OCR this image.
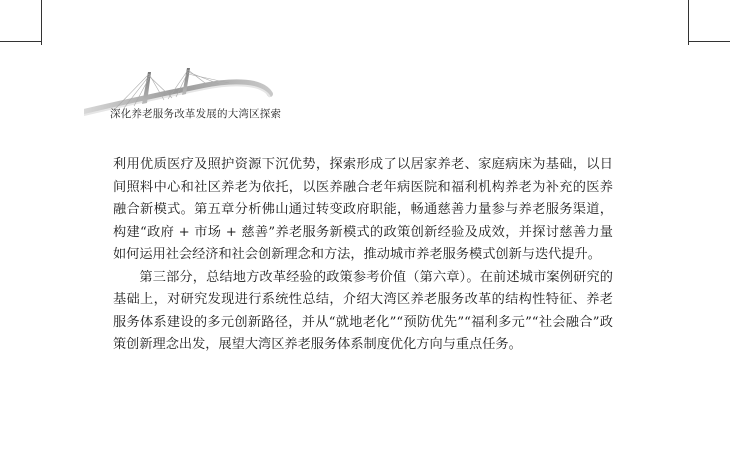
深化养老服务改革发展的大湾区探索

利用优质医疗及照护资源下沉优势，探索形成了以居家养老、家庭病床为基础，以日间照料中心和社区养老为依托，以医养融合老年病医院和福利机构养老为补充的医养融合新模式。第五章分析佛山通过转变政府职能，畅通慈善力量参与养老服务渠道，构建“政府 + 市场 + 慈善”养老服务新模式的政策创新经验及成效，并探讨慈善力量如何运用社会经济和社会创新理念和方法，推动城市养老服务模式创新与迭代提升。

第三部分，总结地方改革经验的政策参考价值（第六章）。在前述城市案例研究的基础上，对研究发现进行系统性总结，介绍大湾区养老服务改革的结构性特征、养老服务体系建设的多元创新路径，并从“就地老化”“预防优先”“福利多元”“社会融合”政策创新理念出发，展望大湾区养老服务体系制度优化方向与重点任务。
